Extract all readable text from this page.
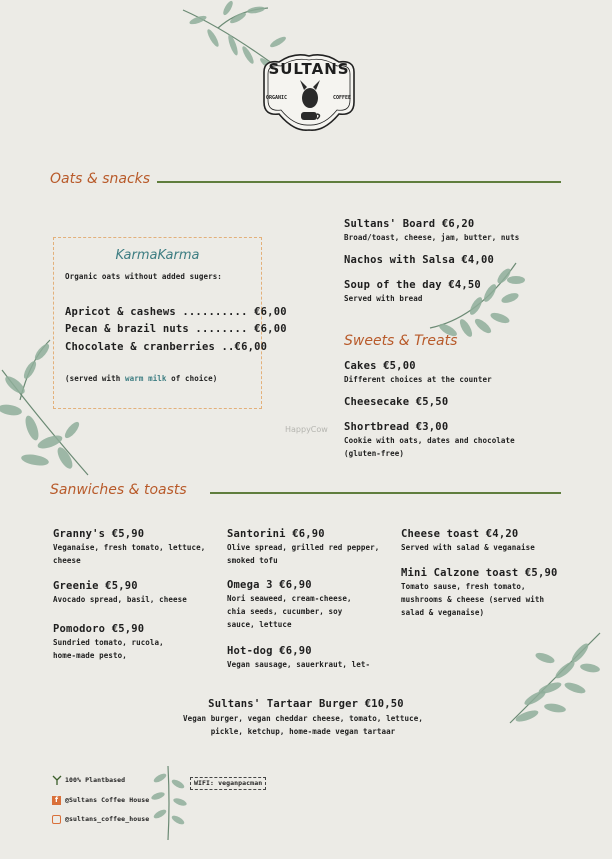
SULTANS
ORGANIC	COFFEE
Oats & snacks
KarmaKarma
Organic oats without added sugers:
Apricot & cashews .......... €6,00
Pecan & brazil nuts ........ €6,00
Chocolate & cranberries ..€6,00
(served with warm milk of choice)
Sultans' Board €6,20
Broad/toast, cheese, jam, butter, nuts
Nachos with Salsa €4,00
Soup of the day €4,50
Served with bread
Sweets & Treats
Cakes €5,00
Different choices at the counter
Cheesecake €5,50
Shortbread €3,00
Cookie with oats, dates and chocolate (gluten-free)
HappyCow
Sanwiches & toasts
Granny's €5,90
Veganaise, fresh tomato, lettuce, cheese
Greenie €5,90
Avocado spread, basil, cheese
Pomodoro €5,90
Sundried tomato, rucola, home-made pesto,
Santorini €6,90
Olive spread, grilled red pepper, smoked tofu
Omega 3 €6,90
Nori seaweed, cream-cheese, chia seeds, cucumber, soy sauce, lettuce
Hot-dog €6,90
Vegan sausage, sauerkraut, let-
Cheese toast €4,20
Served with salad & veganaise
Mini Calzone toast €5,90
Tomato sause, fresh tomato, mushrooms & cheese (served with salad & veganaise)
Sultans' Tartaar Burger €10,50
Vegan burger, vegan cheddar cheese, tomato, lettuce, pickle, ketchup, home-made vegan tartaar
100% Plantbased
f	@Sultans Coffee House
@sultans_coffee_house
WIFI: veganpacman
